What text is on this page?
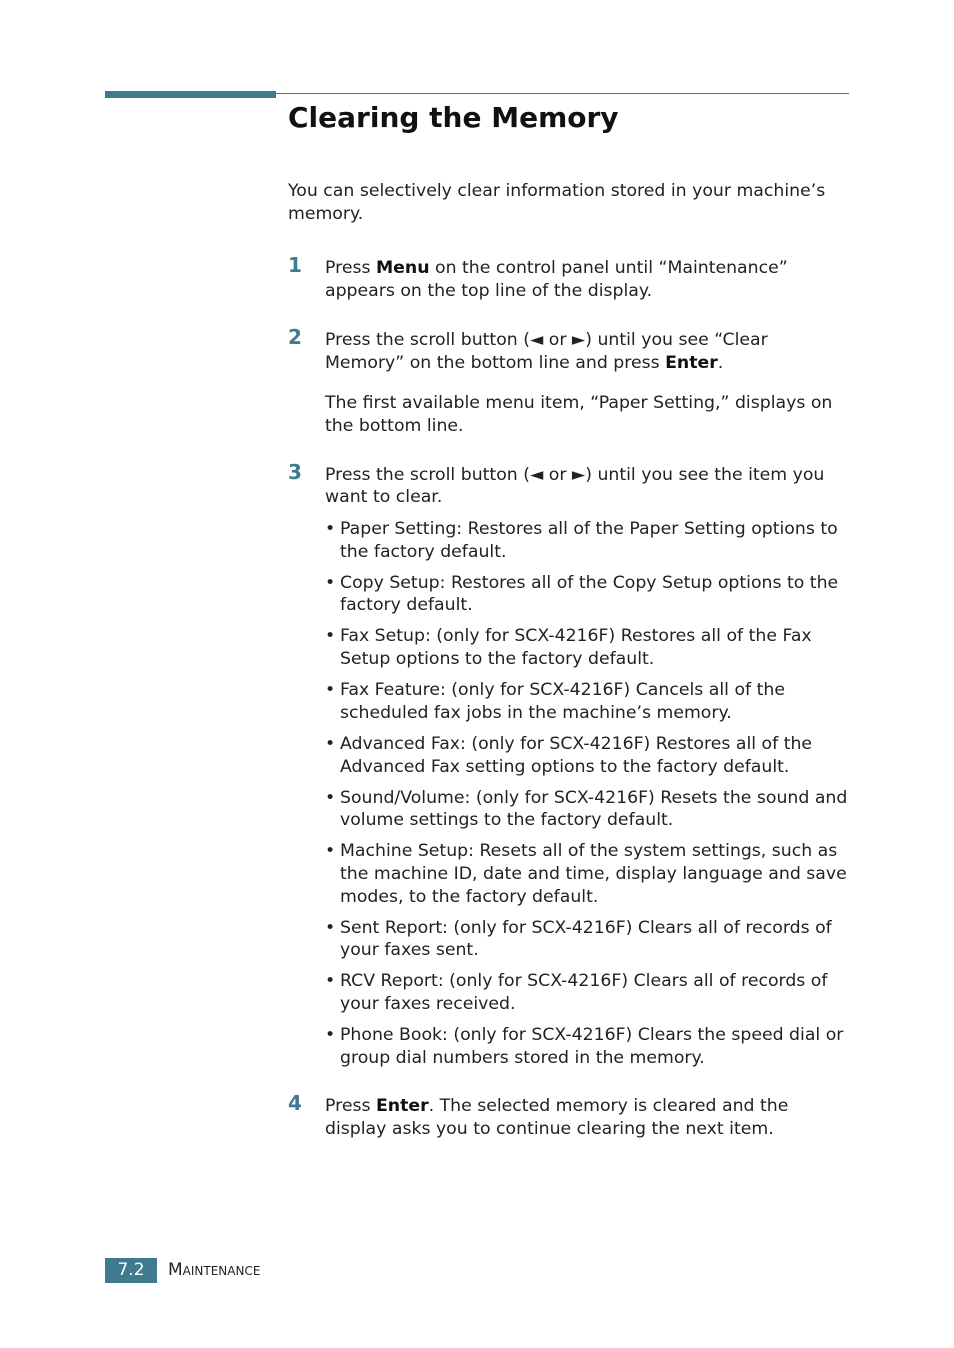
Clearing the Memory

You can selectively clear information stored in your machine’s memory.

1 Press Menu on the control panel until “Maintenance” appears on the top line of the display.

2 Press the scroll button (◄ or ►) until you see “Clear Memory” on the bottom line and press Enter.

The first available menu item, “Paper Setting,” displays on the bottom line.

3 Press the scroll button (◄ or ►) until you see the item you want to clear.

• Paper Setting: Restores all of the Paper Setting options to the factory default.
• Copy Setup: Restores all of the Copy Setup options to the factory default.
• Fax Setup: (only for SCX-4216F) Restores all of the Fax Setup options to the factory default.
• Fax Feature: (only for SCX-4216F) Cancels all of the scheduled fax jobs in the machine’s memory.
• Advanced Fax: (only for SCX-4216F) Restores all of the Advanced Fax setting options to the factory default.
• Sound/Volume: (only for SCX-4216F) Resets the sound and volume settings to the factory default.
• Machine Setup: Resets all of the system settings, such as the machine ID, date and time, display language and save modes, to the factory default.
• Sent Report: (only for SCX-4216F) Clears all of records of your faxes sent.
• RCV Report: (only for SCX-4216F) Clears all of records of your faxes received.
• Phone Book: (only for SCX-4216F) Clears the speed dial or group dial numbers stored in the memory.
4 Press Enter. The selected memory is cleared and the display asks you to continue clearing the next item.

7.2	Maintenance
